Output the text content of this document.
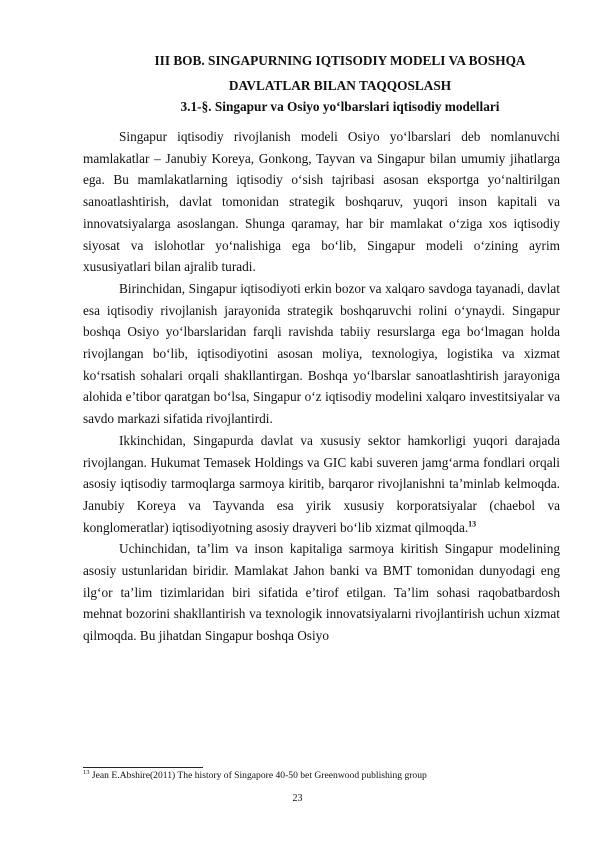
III BOB. SINGAPURNING IQTISODIY MODELI VA BOSHQA
DAVLATLAR BILAN TAQQOSLASH
3.1-§. Singapur va Osiyo yo‘lbarslari iqtisodiy modellari

Singapur iqtisodiy rivojlanish modeli Osiyo yo‘lbarslari deb nomlanuvchi mamlakatlar – Janubiy Koreya, Gonkong, Tayvan va Singapur bilan umumiy jihatlarga ega. Bu mamlakatlarning iqtisodiy o‘sish tajribasi asosan eksportga yo‘naltirilgan sanoatlashtirish, davlat tomonidan strategik boshqaruv, yuqori inson kapitali va innovatsiyalarga asoslangan. Shunga qaramay, har bir mamlakat o‘ziga xos iqtisodiy siyosat va islohotlar yo‘nalishiga ega bo‘lib, Singapur modeli o‘zining ayrim xususiyatlari bilan ajralib turadi.

Birinchidan, Singapur iqtisodiyoti erkin bozor va xalqaro savdoga tayanadi, davlat esa iqtisodiy rivojlanish jarayonida strategik boshqaruvchi rolini o‘ynaydi. Singapur boshqa Osiyo yo‘lbarslaridan farqli ravishda tabiiy resurslarga ega bo‘lmagan holda rivojlangan bo‘lib, iqtisodiyotini asosan moliya, texnologiya, logistika va xizmat ko‘rsatish sohalari orqali shakllantirgan. Boshqa yo‘lbarslar sanoatlashtirish jarayoniga alohida e’tibor qaratgan bo‘lsa, Singapur o‘z iqtisodiy modelini xalqaro investitsiyalar va savdo markazi sifatida rivojlantirdi.

Ikkinchidan, Singapurda davlat va xususiy sektor hamkorligi yuqori darajada rivojlangan. Hukumat Temasek Holdings va GIC kabi suveren jamg‘arma fondlari orqali asosiy iqtisodiy tarmoqlarga sarmoya kiritib, barqaror rivojlanishni ta’minlab kelmoqda. Janubiy Koreya va Tayvanda esa yirik xususiy korporatsiyalar (chaebol va konglomeratlar) iqtisodiyotning asosiy drayveri bo‘lib xizmat qilmoqda.$^{13}$

Uchinchidan, ta’lim va inson kapitaliga sarmoya kiritish Singapur modelining asosiy ustunlaridan biridir. Mamlakat Jahon banki va BMT tomonidan dunyodagi eng ilg‘or ta’lim tizimlaridan biri sifatida e’tirof etilgan. Ta’lim sohasi raqobatbardosh mehnat bozorini shakllantirish va texnologik innovatsiyalarni rivojlantirish uchun xizmat qilmoqda. Bu jihatdan Singapur boshqa Osiyo

$^{13}$ Jean E.Abshire(2011) The history of Singapore 40-50 bet Greenwood publishing group
23
